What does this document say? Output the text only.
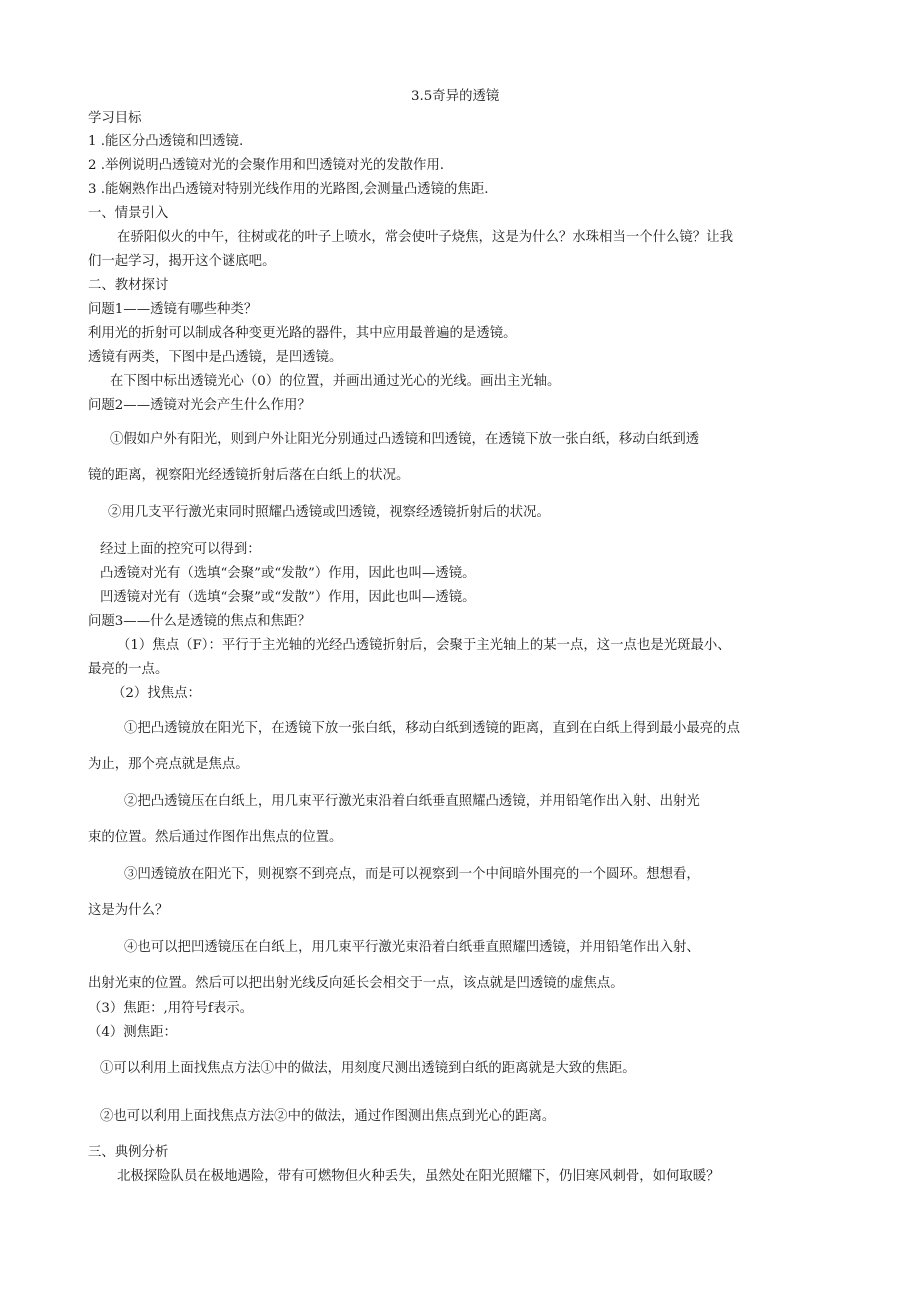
3.5奇异的透镜

学习目标

1 .能区分凸透镜和凹透镜.

2 .举例说明凸透镜对光的会聚作用和凹透镜对光的发散作用.

3 .能娴熟作出凸透镜对特别光线作用的光路图,会测量凸透镜的焦距.

一、情景引入

在骄阳似火的中午，往树或花的叶子上喷水，常会使叶子烧焦，这是为什么？水珠相当一个什么镜？让我

们一起学习，揭开这个谜底吧。

二、教材探讨

问题1——透镜有哪些种类？

利用光的折射可以制成各种变更光路的器件，其中应用最普遍的是透镜。

透镜有两类，下图中是凸透镜，是凹透镜。

在下图中标出透镜光心（0）的位置，并画出通过光心的光线。画出主光轴。

问题2——透镜对光会产生什么作用？

①假如户外有阳光，则到户外让阳光分别通过凸透镜和凹透镜，在透镜下放一张白纸，移动白纸到透

镜的距离，视察阳光经透镜折射后落在白纸上的状况。

②用几支平行激光束同时照耀凸透镜或凹透镜，视察经透镜折射后的状况。

经过上面的控究可以得到：

凸透镜对光有（选填“会聚”或“发散”）作用，因此也叫—透镜。

凹透镜对光有（选填“会聚”或“发散”）作用，因此也叫—透镜。

问题3——什么是透镜的焦点和焦距？

（1）焦点（F）：平行于主光轴的光经凸透镜折射后，会聚于主光轴上的某一点，这一点也是光斑最小、

最亮的一点。

（2）找焦点：

①把凸透镜放在阳光下，在透镜下放一张白纸，移动白纸到透镜的距离，直到在白纸上得到最小最亮的点

为止，那个亮点就是焦点。

②把凸透镜压在白纸上，用几束平行激光束沿着白纸垂直照耀凸透镜，并用铅笔作出入射、出射光

束的位置。然后通过作图作出焦点的位置。

③凹透镜放在阳光下，则视察不到亮点，而是可以视察到一个中间暗外围亮的一个圆环。想想看，

这是为什么？

④也可以把凹透镜压在白纸上，用几束平行激光束沿着白纸垂直照耀凹透镜，并用铅笔作出入射、

出射光束的位置。然后可以把出射光线反向延长会相交于一点，该点就是凹透镜的虚焦点。

（3）焦距：,用符号f表示。

（4）测焦距：

①可以利用上面找焦点方法①中的做法，用刻度尺测出透镜到白纸的距离就是大致的焦距。

②也可以利用上面找焦点方法②中的做法，通过作图测出焦点到光心的距离。

三、典例分析

北极探险队员在极地遇险，带有可燃物但火种丢失，虽然处在阳光照耀下，仍旧寒风刺骨，如何取暖？
